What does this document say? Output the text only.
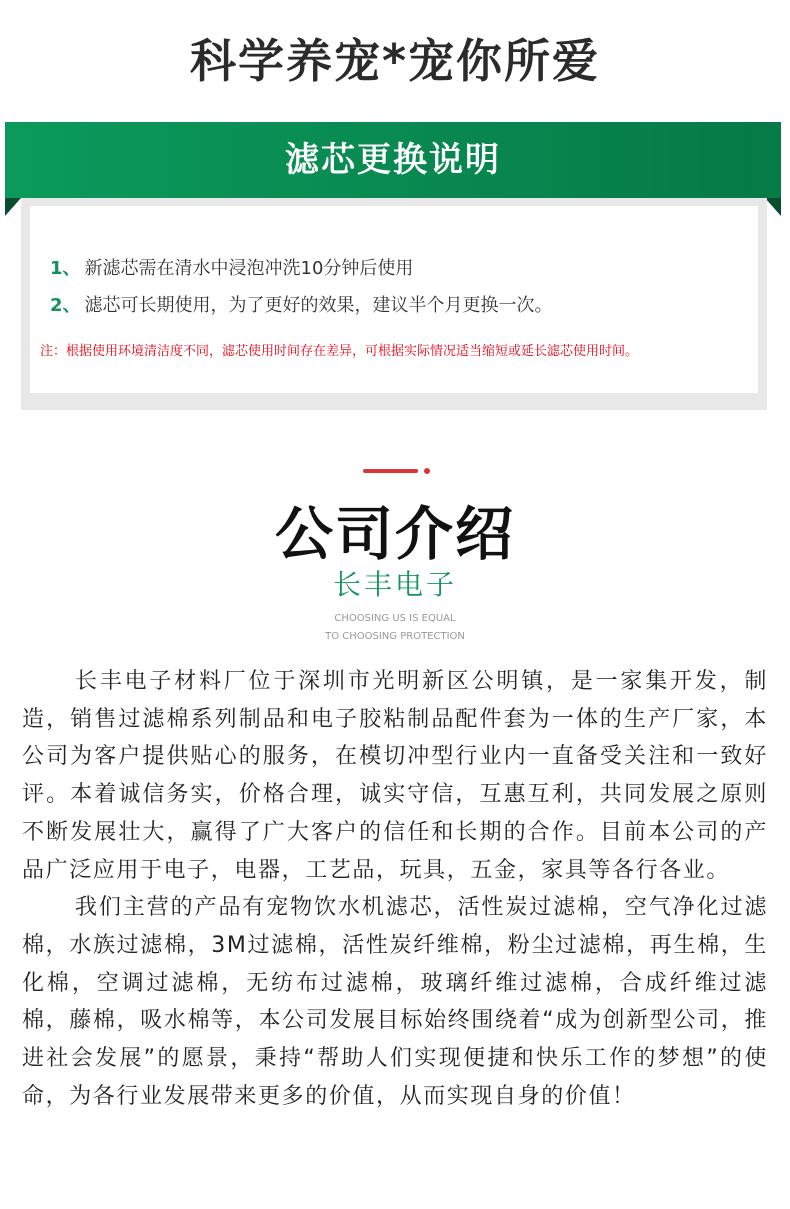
科学养宠*宠你所爱
滤芯更换说明
1、 新滤芯需在清水中浸泡冲洗10分钟后使用
2、 滤芯可长期使用，为了更好的效果，建议半个月更换一次。
注：根据使用环境清洁度不同，滤芯使用时间存在差异，可根据实际情况适当缩短或延长滤芯使用时间。
公司介绍
长丰电子
CHOOSING US IS EQUAL
TO CHOOSING PROTECTION

长丰电子材料厂位于深圳市光明新区公明镇，是一家集开发，制造，销售过滤棉系列制品和电子胶粘制品配件套为一体的生产厂家，本公司为客户提供贴心的服务，在模切冲型行业内一直备受关注和一致好评。本着诚信务实，价格合理，诚实守信，互惠互利，共同发展之原则不断发展壮大，赢得了广大客户的信任和长期的合作。目前本公司的产品广泛应用于电子，电器，工艺品，玩具，五金，家具等各行各业。

我们主营的产品有宠物饮水机滤芯，活性炭过滤棉，空气净化过滤棉，水族过滤棉，3M过滤棉，活性炭纤维棉，粉尘过滤棉，再生棉，生化棉，空调过滤棉，无纺布过滤棉，玻璃纤维过滤棉，合成纤维过滤棉，藤棉，吸水棉等，本公司发展目标始终围绕着“成为创新型公司，推进社会发展”的愿景，秉持“帮助人们实现便捷和快乐工作的梦想”的使命，为各行业发展带来更多的价值，从而实现自身的价值！
